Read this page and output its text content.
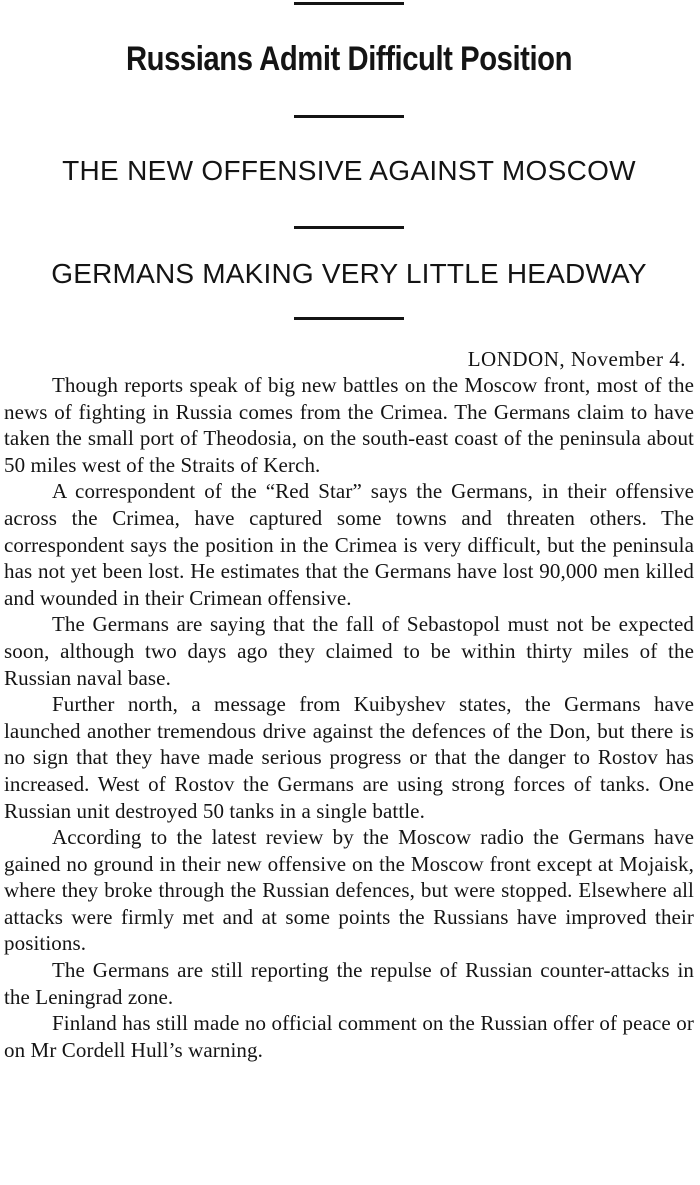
Russians Admit Difficult Position
THE NEW OFFENSIVE AGAINST MOSCOW
GERMANS MAKING VERY LITTLE HEADWAY
LONDON, November 4.

Though reports speak of big new battles on the Moscow front, most of the news of fighting in Russia comes from the Crimea. The Germans claim to have taken the small port of Theodosia, on the south-east coast of the peninsula about 50 miles west of the Straits of Kerch.

A correspondent of the “Red Star” says the Germans, in their offensive across the Crimea, have captured some towns and threaten others. The correspondent says the position in the Crimea is very difficult, but the peninsula has not yet been lost. He estimates that the Germans have lost 90,000 men killed and wounded in their Crimean offensive.

The Germans are saying that the fall of Sebastopol must not be expected soon, although two days ago they claimed to be within thirty miles of the Russian naval base.

Further north, a message from Kuibyshev states, the Germans have launched another tremendous drive against the defences of the Don, but there is no sign that they have made serious progress or that the danger to Rostov has increased. West of Rostov the Germans are using strong forces of tanks. One Russian unit destroyed 50 tanks in a single battle.

According to the latest review by the Moscow radio the Germans have gained no ground in their new offensive on the Moscow front except at Mojaisk, where they broke through the Russian defences, but were stopped. Elsewhere all attacks were firmly met and at some points the Russians have improved their positions.

The Germans are still reporting the repulse of Russian counter-attacks in the Leningrad zone.

Finland has still made no official comment on the Russian offer of peace or on Mr Cordell Hull’s warning.
